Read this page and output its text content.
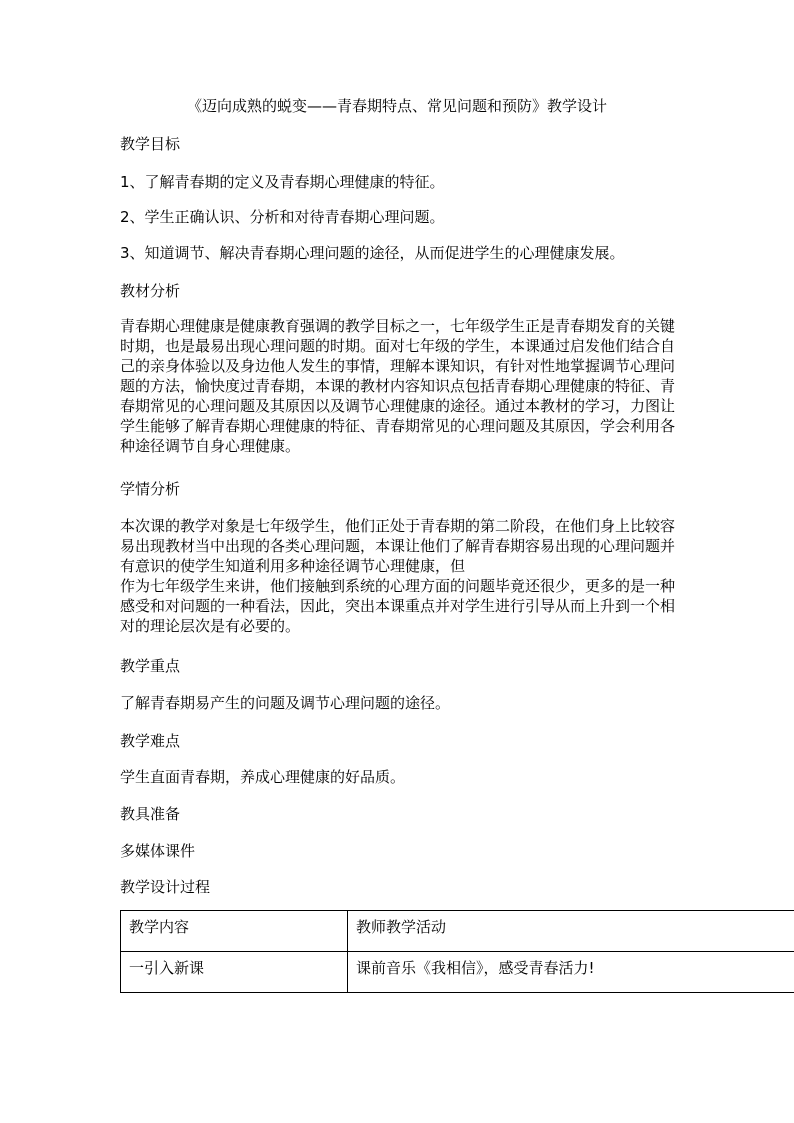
《迈向成熟的蜕变——青春期特点、常见问题和预防》教学设计
教学目标
1、了解青春期的定义及青春期心理健康的特征。
2、学生正确认识、分析和对待青春期心理问题。
3、知道调节、解决青春期心理问题的途径，从而促进学生的心理健康发展。
教材分析
青春期心理健康是健康教育强调的教学目标之一，七年级学生正是青春期发育的关键时期，也是最易出现心理问题的时期。面对七年级的学生，本课通过启发他们结合自己的亲身体验以及身边他人发生的事情，理解本课知识，有针对性地掌握调节心理问题的方法，愉快度过青春期，本课的教材内容知识点包括青春期心理健康的特征、青春期常见的心理问题及其原因以及调节心理健康的途径。通过本教材的学习，力图让学生能够了解青春期心理健康的特征、青春期常见的心理问题及其原因，学会利用各种途径调节自身心理健康。
学情分析
本次课的教学对象是七年级学生，他们正处于青春期的第二阶段，在他们身上比较容易出现教材当中出现的各类心理问题，本课让他们了解青春期容易出现的心理问题并有意识的使学生知道利用多种途径调节心理健康，但
作为七年级学生来讲，他们接触到系统的心理方面的问题毕竟还很少，更多的是一种感受和对问题的一种看法，因此，突出本课重点并对学生进行引导从而上升到一个相对的理论层次是有必要的。
教学重点
了解青春期易产生的问题及调节心理问题的途径。
教学难点
学生直面青春期，养成心理健康的好品质。
教具准备
多媒体课件
教学设计过程
教学内容	教师教学活动
一引入新课	课前音乐《我相信》，感受青春活力!
